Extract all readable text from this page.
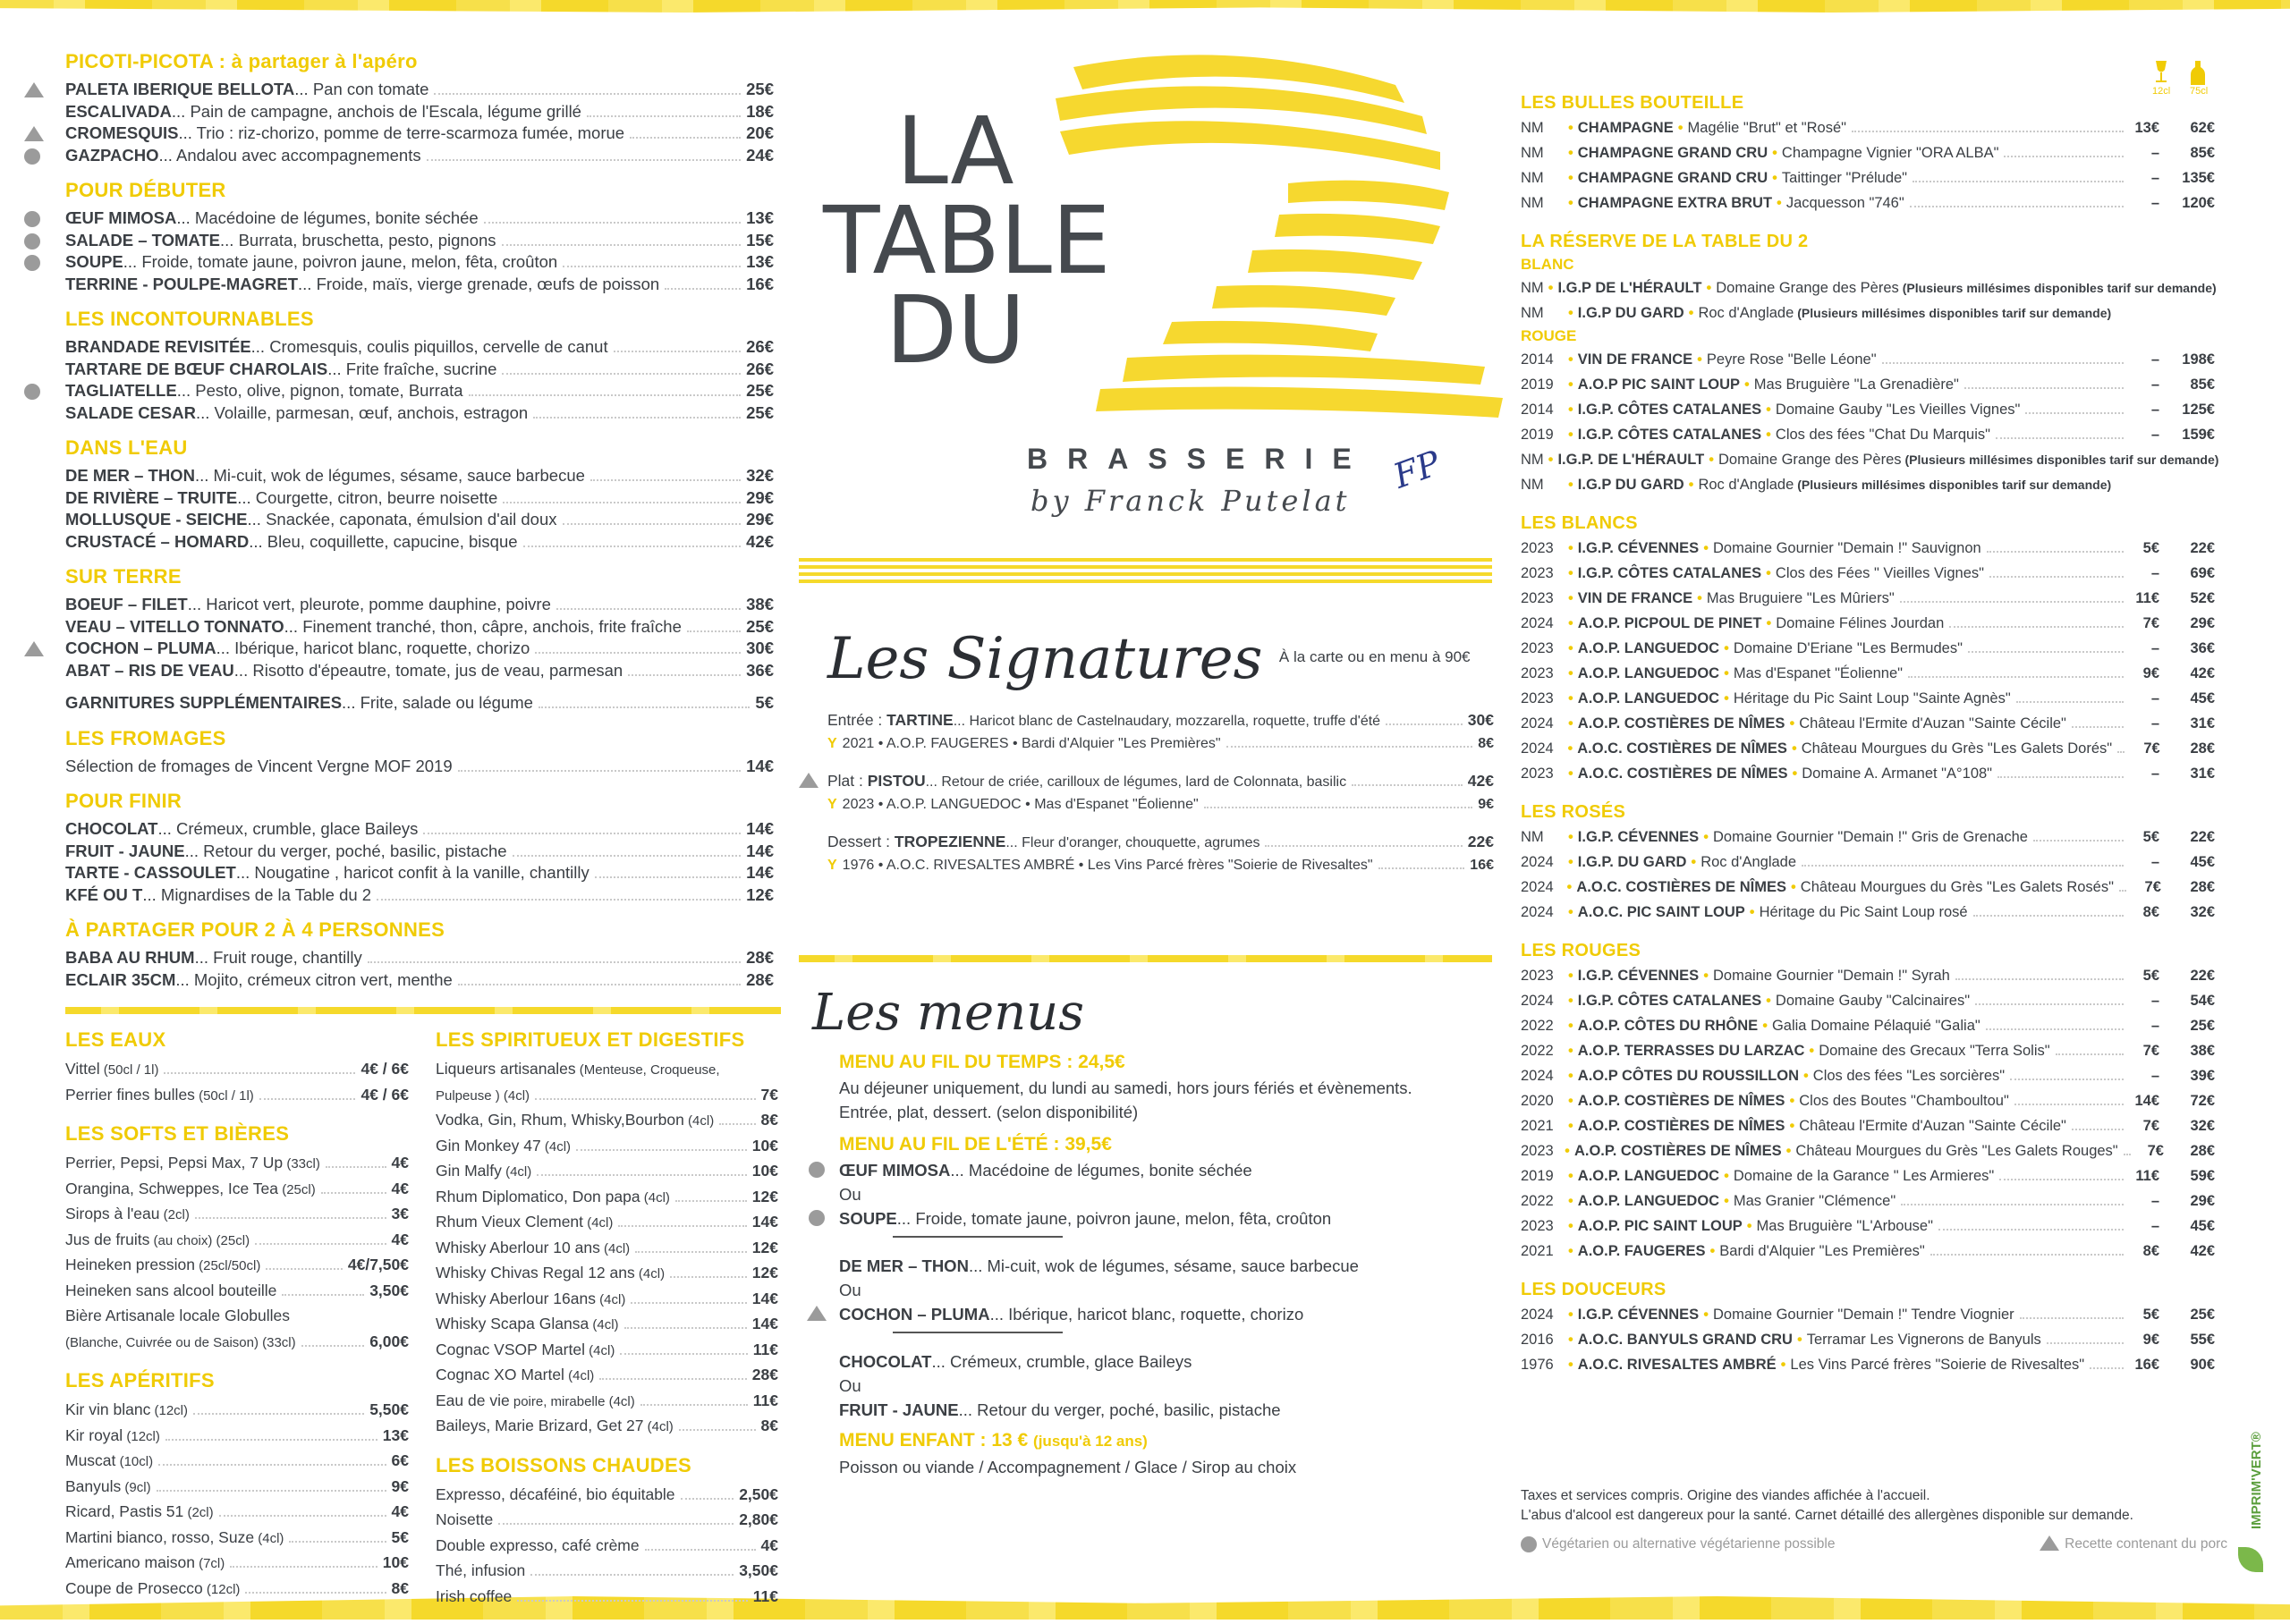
PICOTI-PICOTA : à partager à l'apéro
PALETA IBERIQUE BELLOTA... Pan con tomate	25€
ESCALIVADA... Pain de campagne, anchois de l'Escala, légume grillé	18€
CROMESQUIS... Trio : riz-chorizo, pomme de terre-scarmoza fumée, morue	20€
GAZPACHO... Andalou avec accompagnements	24€
POUR DÉBUTER
ŒUF MIMOSA... Macédoine de légumes, bonite séchée	13€
SALADE – TOMATE... Burrata, bruschetta, pesto, pignons	15€
SOUPE... Froide, tomate jaune, poivron jaune, melon, fêta, croûton	13€
TERRINE - POULPE-MAGRET... Froide, maïs, vierge grenade, œufs de poisson	16€
LES INCONTOURNABLES
BRANDADE REVISITÉE... Cromesquis, coulis piquillos, cervelle de canut	26€
TARTARE DE BŒUF CHAROLAIS... Frite fraîche, sucrine	26€
TAGLIATELLE... Pesto, olive, pignon, tomate, Burrata	25€
SALADE CESAR... Volaille, parmesan, œuf, anchois, estragon	25€
DANS L'EAU
DE MER – THON... Mi-cuit, wok de légumes, sésame, sauce barbecue	32€
DE RIVIÈRE – TRUITE... Courgette, citron, beurre noisette	29€
MOLLUSQUE - SEICHE... Snackée, caponata, émulsion d'ail doux	29€
CRUSTACÉ – HOMARD... Bleu, coquillette, capucine, bisque	42€
SUR TERRE
BOEUF – FILET... Haricot vert, pleurote, pomme dauphine, poivre	38€
VEAU – VITELLO TONNATO... Finement tranché, thon, câpre, anchois, frite fraîche	25€
COCHON – PLUMA... Ibérique, haricot blanc, roquette, chorizo	30€
ABAT – RIS DE VEAU... Risotto d'épeautre, tomate, jus de veau, parmesan	36€
GARNITURES SUPPLÉMENTAIRES... Frite, salade ou légume	5€
LES FROMAGES
Sélection de fromages de Vincent Vergne MOF 2019	14€
POUR FINIR
CHOCOLAT... Crémeux, crumble, glace Baileys	14€
FRUIT - JAUNE... Retour du verger, poché, basilic, pistache	14€
TARTE - CASSOULET... Nougatine , haricot confit à la vanille, chantilly	14€
KFÉ OU T... Mignardises de la Table du 2	12€
À PARTAGER POUR 2 À 4 PERSONNES
BABA AU RHUM... Fruit rouge, chantilly	28€
ECLAIR 35CM... Mojito, crémeux citron vert, menthe	28€
LES EAUX
Vittel (50cl / 1l)	4€ / 6€
Perrier fines bulles (50cl / 1l)	4€ / 6€
LES SOFTS ET BIÈRES
Perrier, Pepsi, Pepsi Max, 7 Up (33cl)	4€
Orangina, Schweppes, Ice Tea (25cl)	4€
Sirops à l'eau (2cl)	3€
Jus de fruits (au choix) (25cl)	4€
Heineken pression (25cl/50cl)	4€/7,50€
Heineken sans alcool bouteille	3,50€
Bière Artisanale locale Globulles
(Blanche, Cuivrée ou de Saison) (33cl)	6,00€
LES APÉRITIFS
Kir vin blanc (12cl)	5,50€
Kir royal (12cl)	13€
Muscat (10cl)	6€
Banyuls (9cl)	9€
Ricard, Pastis 51 (2cl)	4€
Martini bianco, rosso, Suze (4cl)	5€
Americano maison (7cl)	10€
Coupe de Prosecco (12cl)	8€
LES SPIRITUEUX ET DIGESTIFS
Liqueurs artisanales (Menteuse, Croqueuse,
Pulpeuse ) (4cl)	7€
Vodka, Gin, Rhum, Whisky,Bourbon (4cl)	8€
Gin Monkey 47 (4cl)	10€
Gin Malfy (4cl)	10€
Rhum Diplomatico, Don papa (4cl)	12€
Rhum Vieux Clement (4cl)	14€
Whisky Aberlour 10 ans (4cl)	12€
Whisky Chivas Regal 12 ans (4cl)	12€
Whisky Aberlour 16ans (4cl)	14€
Whisky Scapa Glansa (4cl)	14€
Cognac VSOP Martel (4cl)	11€
Cognac XO Martel (4cl)	28€
Eau de vie poire, mirabelle (4cl)	11€
Baileys, Marie Brizard, Get 27 (4cl)	8€
LES BOISSONS CHAUDES
Expresso, décaféiné, bio équitable	2,50€
Noisette	2,80€
Double expresso, café crème	4€
Thé, infusion	3,50€
Irish coffee	11€
LA
TABLE
DU
BRASSERIE
by Franck Putelat
FP
Les Signatures À la carte ou en menu à 90€
Entrée : TARTINE... Haricot blanc de Castelnaudary, mozzarella, roquette, truffe d'été	30€
Y 2021 • A.O.P. FAUGERES • Bardi d'Alquier "Les Premières"	8€
Plat : PISTOU... Retour de criée, carilloux de légumes, lard de Colonnata, basilic	42€
Y 2023 • A.O.P. LANGUEDOC • Mas d'Espanet "Éolienne"	9€
Dessert : TROPEZIENNE... Fleur d'oranger, chouquette, agrumes	22€
Y 1976 • A.O.C. RIVESALTES AMBRÉ • Les Vins Parcé frères "Soierie de Rivesaltes"	16€
Les menus
MENU AU FIL DU TEMPS : 24,5€
Au déjeuner uniquement, du lundi au samedi, hors jours fériés et évènements.
Entrée, plat, dessert. (selon disponibilité)
MENU AU FIL DE L'ÉTÉ : 39,5€
ŒUF MIMOSA... Macédoine de légumes, bonite séchée
Ou
SOUPE... Froide, tomate jaune, poivron jaune, melon, fêta, croûton
DE MER – THON... Mi-cuit, wok de légumes, sésame, sauce barbecue
Ou
COCHON – PLUMA... Ibérique, haricot blanc, roquette, chorizo
CHOCOLAT... Crémeux, crumble, glace Baileys
Ou
FRUIT - JAUNE... Retour du verger, poché, basilic, pistache
MENU ENFANT : 13 € (jusqu'à 12 ans)
Poisson ou viande / Accompagnement / Glace / Sirop au choix
12cl 75cl
LES BULLES BOUTEILLE
NM	• CHAMPAGNE • Magélie "Brut" et "Rosé"	13€	62€
NM	• CHAMPAGNE GRAND CRU • Champagne Vignier "ORA ALBA"	–	85€
NM	• CHAMPAGNE GRAND CRU • Taittinger "Prélude"	–	135€
NM	• CHAMPAGNE EXTRA BRUT • Jacquesson "746"	–	120€
LA RÉSERVE DE LA TABLE DU 2
BLANC
NM • I.G.P DE L'HÉRAULT • Domaine Grange des Pères (Plusieurs millésimes disponibles tarif sur demande)
NM	• I.G.P DU GARD • Roc d'Anglade (Plusieurs millésimes disponibles tarif sur demande)
ROUGE
2014 • VIN DE FRANCE • Peyre Rose "Belle Léone"	–	198€
2019 • A.O.P PIC SAINT LOUP • Mas Bruguière "La Grenadière"	–	85€
2014 • I.G.P. CÔTES CATALANES • Domaine Gauby "Les Vieilles Vignes"	–	125€
2019 • I.G.P. CÔTES CATALANES • Clos des fées "Chat Du Marquis"	–	159€
NM • I.G.P. DE L'HÉRAULT • Domaine Grange des Pères (Plusieurs millésimes disponibles tarif sur demande)
NM	• I.G.P DU GARD • Roc d'Anglade (Plusieurs millésimes disponibles tarif sur demande)
LES BLANCS
2023 • I.G.P. CÉVENNES • Domaine Gournier "Demain !" Sauvignon	5€	22€
2023 • I.G.P. CÔTES CATALANES • Clos des Fées " Vieilles Vignes"	–	69€
2023 • VIN DE FRANCE • Mas Bruguiere "Les Mûriers"	11€	52€
2024 • A.O.P. PICPOUL DE PINET • Domaine Félines Jourdan	7€	29€
2023 • A.O.P. LANGUEDOC • Domaine D'Eriane "Les Bermudes"	–	36€
2023 • A.O.P. LANGUEDOC • Mas d'Espanet "Éolienne"	9€	42€
2023 • A.O.P. LANGUEDOC • Héritage du Pic Saint Loup "Sainte Agnès"	–	45€
2024 • A.O.P. COSTIÈRES DE NÎMES • Château l'Ermite d'Auzan "Sainte Cécile"	–	31€
2024 • A.O.C. COSTIÈRES DE NÎMES • Château Mourgues du Grès "Les Galets Dorés"	7€	28€
2023 • A.O.C. COSTIÈRES DE NÎMES • Domaine A. Armanet "A°108"	–	31€
LES ROSÉS
NM	• I.G.P. CÉVENNES • Domaine Gournier "Demain !" Gris de Grenache	5€	22€
2024 • I.G.P. DU GARD • Roc d'Anglade	–	45€
2024 • A.O.C. COSTIÈRES DE NÎMES • Château Mourgues du Grès "Les Galets Rosés"	7€	28€
2024 • A.O.C. PIC SAINT LOUP • Héritage du Pic Saint Loup rosé	8€	32€
LES ROUGES
2023 • I.G.P. CÉVENNES • Domaine Gournier "Demain !" Syrah	5€	22€
2024 • I.G.P. CÔTES CATALANES • Domaine Gauby "Calcinaires"	–	54€
2022 • A.O.P. CÔTES DU RHÔNE • Galia Domaine Pélaquié "Galia"	–	25€
2022 • A.O.P. TERRASSES DU LARZAC • Domaine des Grecaux "Terra Solis"	7€	38€
2024 • A.O.P CÔTES DU ROUSSILLON • Clos des fées "Les sorcières"	–	39€
2020 • A.O.P. COSTIÈRES DE NÎMES • Clos des Boutes "Chamboultou"	14€	72€
2021 • A.O.P. COSTIÈRES DE NÎMES • Château l'Ermite d'Auzan "Sainte Cécile"	7€	32€
2023 • A.O.P. COSTIÈRES DE NÎMES • Château Mourgues du Grès "Les Galets Rouges"	7€	28€
2019 • A.O.P. LANGUEDOC • Domaine de la Garance " Les Armieres"	11€	59€
2022 • A.O.P. LANGUEDOC • Mas Granier "Clémence"	–	29€
2023 • A.O.P. PIC SAINT LOUP • Mas Bruguière "L'Arbouse"	–	45€
2021 • A.O.P. FAUGERES • Bardi d'Alquier "Les Premières"	8€	42€
LES DOUCEURS
2024 • I.G.P. CÉVENNES • Domaine Gournier "Demain !" Tendre Viognier	5€	25€
2016 • A.O.C. BANYULS GRAND CRU • Terramar Les Vignerons de Banyuls	9€	55€
1976 • A.O.C. RIVESALTES AMBRÉ • Les Vins Parcé frères "Soierie de Rivesaltes"	16€	90€
Taxes et services compris. Origine des viandes affichée à l'accueil.
L'abus d'alcool est dangereux pour la santé. Carnet détaillé des allergènes disponible sur demande.
Végétarien ou alternative végétarienne possible	Recette contenant du porc
IMPRIM'VERT®
